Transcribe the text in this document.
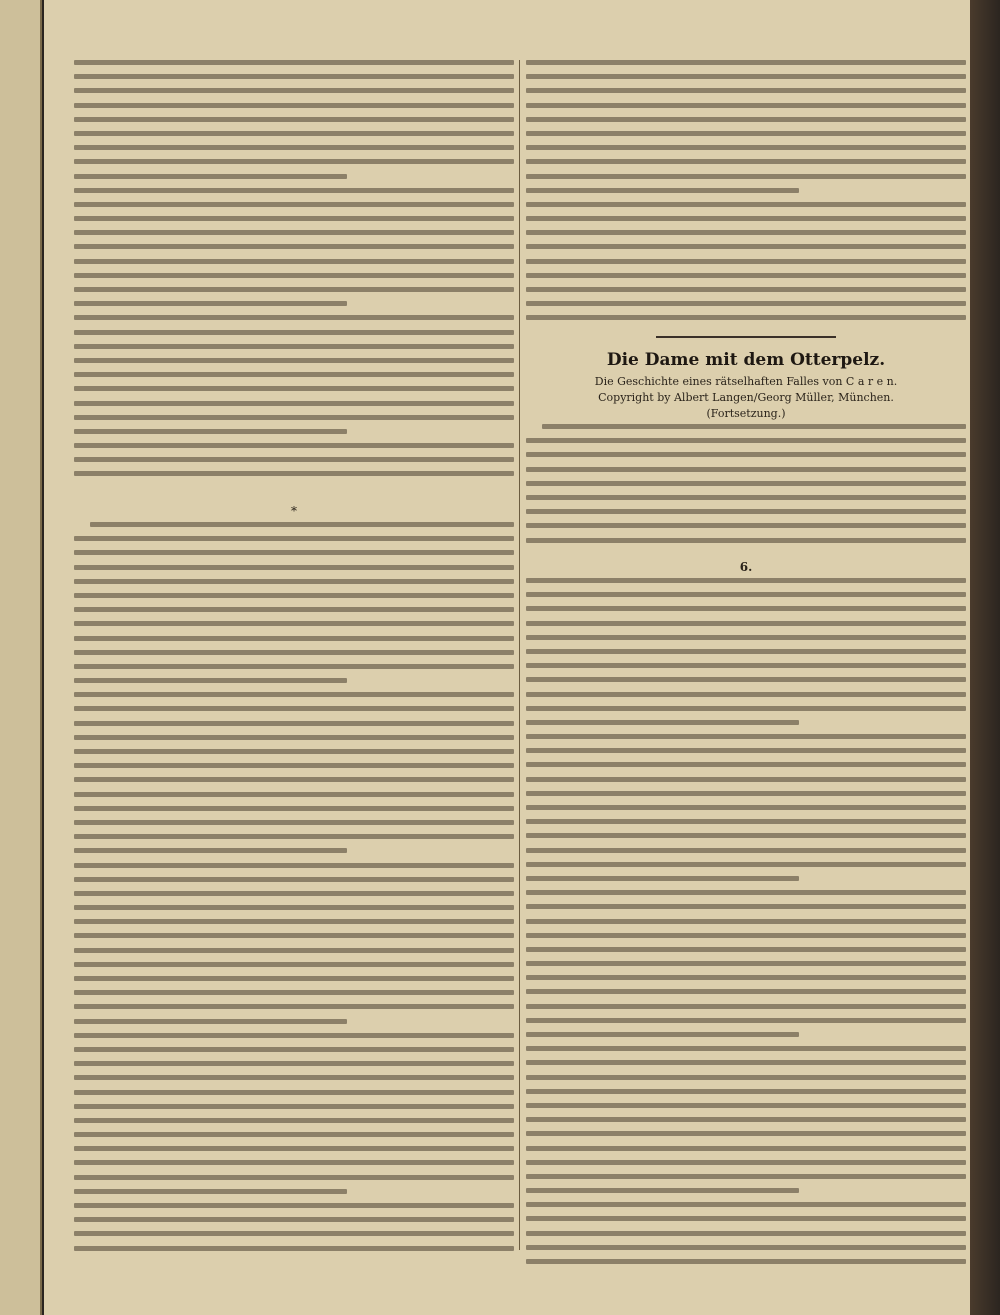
*
Die Dame mit dem Otterpelz.
Die Geschichte eines rätselhaften Falles von C a r e n.
Copyright by Albert Langen/Georg Müller, München.
(Fortsetzung.)
6.
